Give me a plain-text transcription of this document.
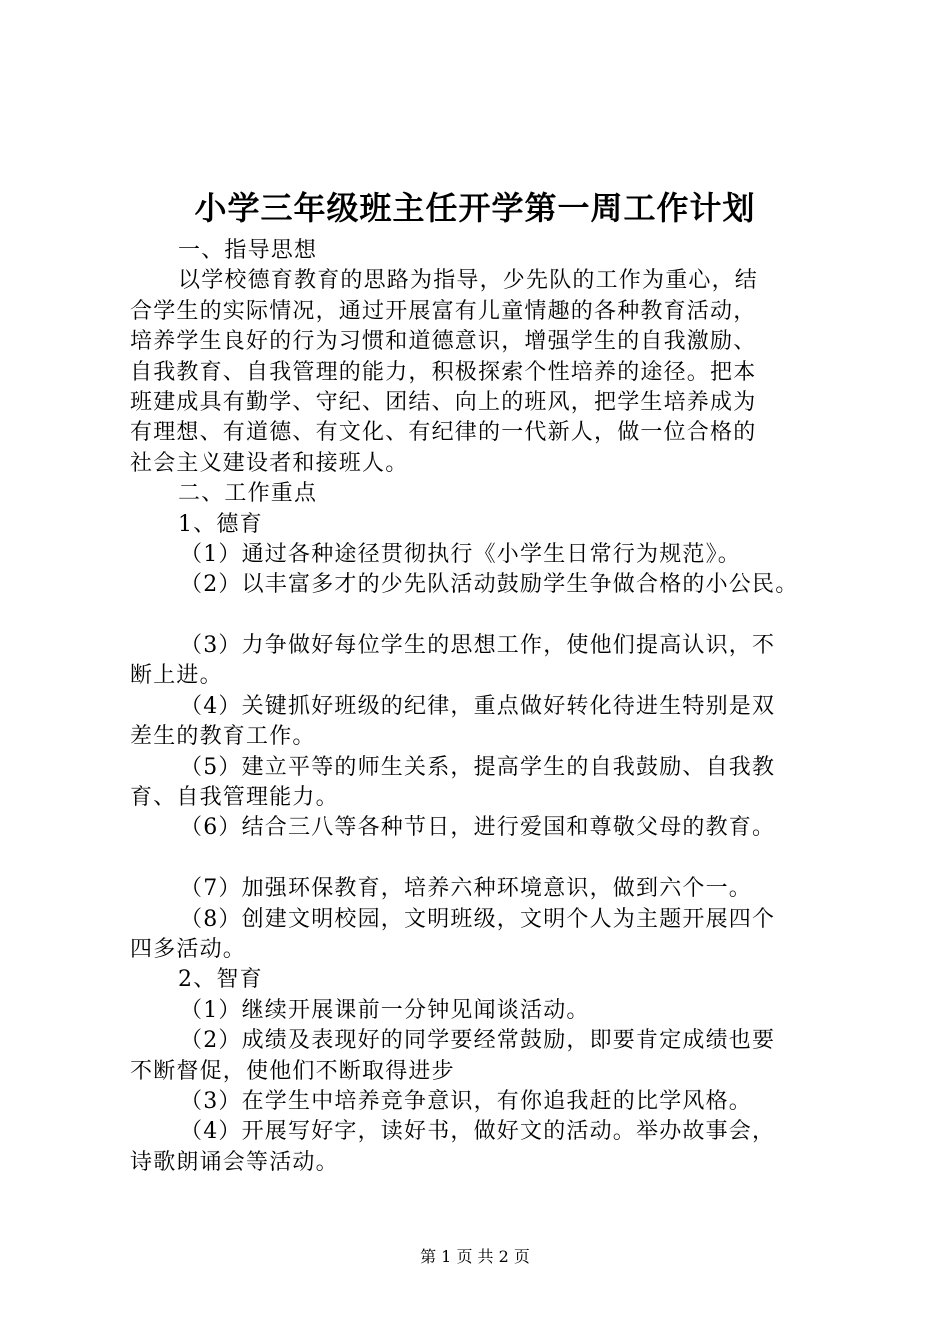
小学三年级班主任开学第一周工作计划
一、指导思想
以学校德育教育的思路为指导，少先队的工作为重心，结
合学生的实际情况，通过开展富有儿童情趣的各种教育活动，
培养学生良好的行为习惯和道德意识，增强学生的自我激励、
自我教育、自我管理的能力，积极探索个性培养的途径。把本
班建成具有勤学、守纪、团结、向上的班风，把学生培养成为
有理想、有道德、有文化、有纪律的一代新人，做一位合格的
社会主义建设者和接班人。
二、工作重点
1、德育
（1）通过各种途径贯彻执行《小学生日常行为规范》。
（2）以丰富多才的少先队活动鼓励学生争做合格的小公民。
（3）力争做好每位学生的思想工作，使他们提高认识，不
断上进。
（4）关键抓好班级的纪律，重点做好转化待进生特别是双
差生的教育工作。
（5）建立平等的师生关系，提高学生的自我鼓励、自我教
育、自我管理能力。
（6）结合三八等各种节日，进行爱国和尊敬父母的教育。
（7）加强环保教育，培养六种环境意识，做到六个一。
（8）创建文明校园，文明班级，文明个人为主题开展四个
四多活动。
2、智育
（1）继续开展课前一分钟见闻谈活动。
（2）成绩及表现好的同学要经常鼓励，即要肯定成绩也要
不断督促，使他们不断取得进步
（3）在学生中培养竞争意识，有你追我赶的比学风格。
（4）开展写好字，读好书，做好文的活动。举办故事会，
诗歌朗诵会等活动。
第 1 页 共 2 页
